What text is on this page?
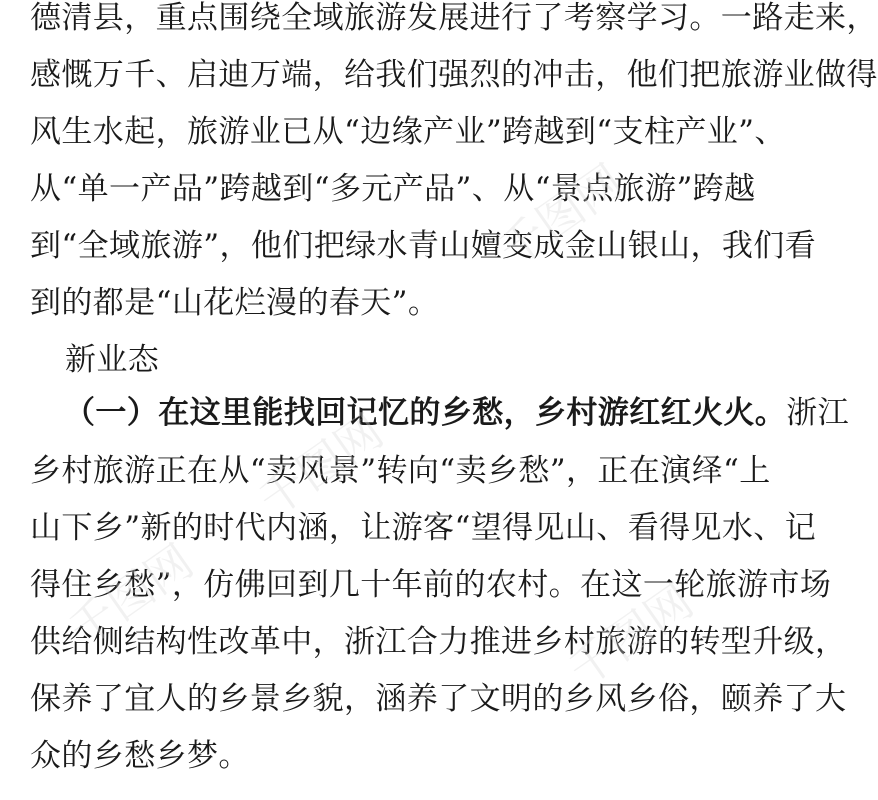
德清县，重点围绕全域旅游发展进行了考察学习。一路走来，

感慨万千、启迪万端，给我们强烈的冲击，他们把旅游业做得

风生水起，旅游业已从“边缘产业”跨越到“支柱产业”、

从“单一产品”跨越到“多元产品”、从“景点旅游”跨越

到“全域旅游”，他们把绿水青山嬗变成金山银山，我们看

到的都是“山花烂漫的春天”。

新业态

（一）在这里能找回记忆的乡愁，乡村游红红火火。浙江

乡村旅游正在从“卖风景”转向“卖乡愁”，正在演绎“上

山下乡”新的时代内涵，让游客“望得见山、看得见水、记

得住乡愁”，仿佛回到几十年前的农村。在这一轮旅游市场

供给侧结构性改革中，浙江合力推进乡村旅游的转型升级，

保养了宜人的乡景乡貌，涵养了文明的乡风乡俗，颐养了大

众的乡愁乡梦。

千图网
千图网
千图网
千图网
